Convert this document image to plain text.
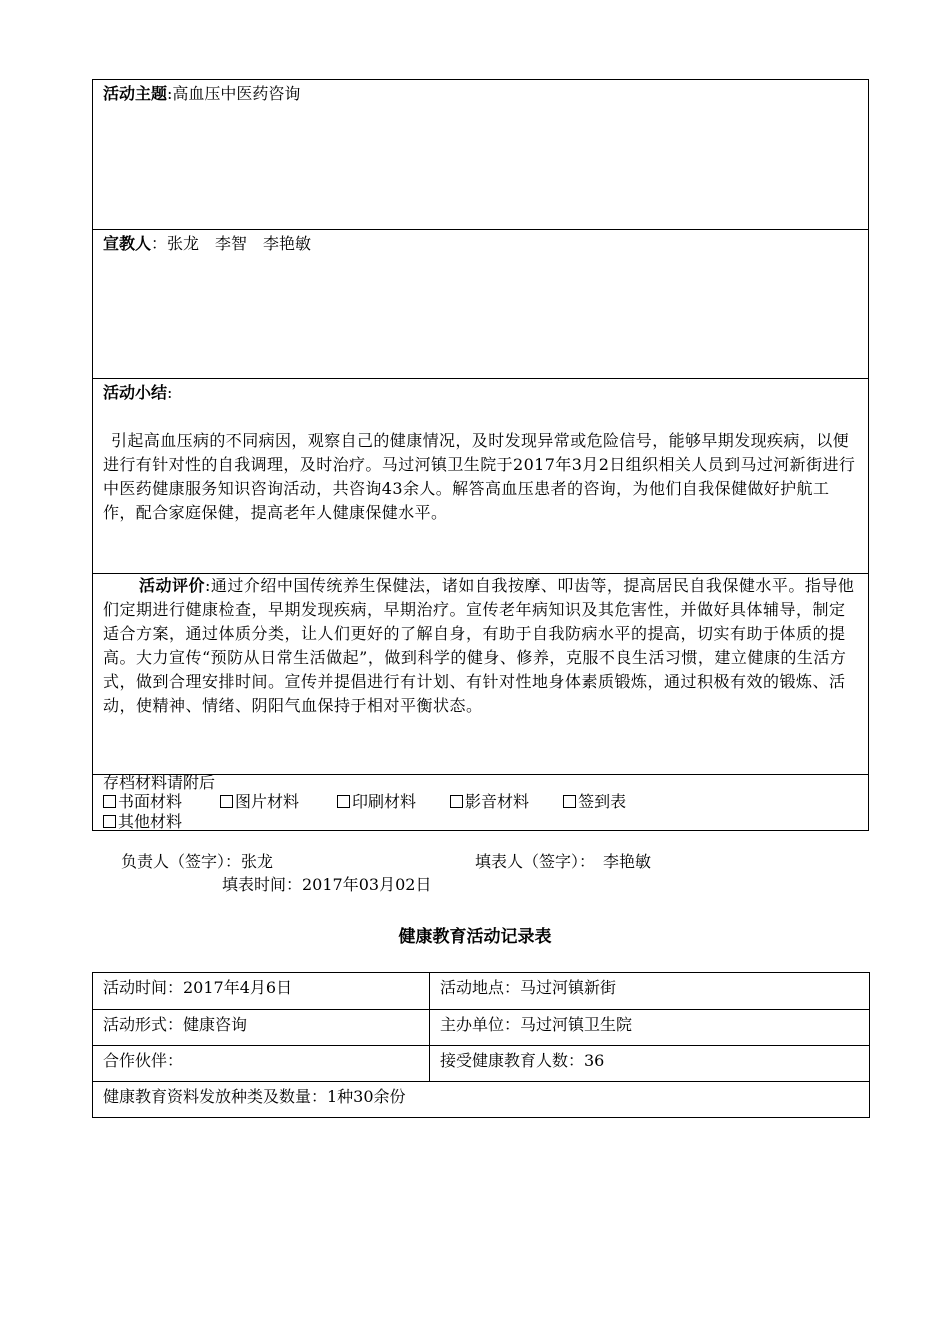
活动主题:高血压中医药咨询
宣教人：张龙　李智　李艳敏
活动小结:
引起高血压病的不同病因，观察自己的健康情况，及时发现异常或危险信号，能够早期发现疾病，以便进行有针对性的自我调理，及时治疗。马过河镇卫生院于2017年3月2日组织相关人员到马过河新街进行中医药健康服务知识咨询活动，共咨询43余人。解答高血压患者的咨询，为他们自我保健做好护航工作，配合家庭保健，提高老年人健康保健水平。
活动评价:通过介绍中国传统养生保健法，诸如自我按摩、叩齿等，提高居民自我保健水平。指导他们定期进行健康检查，早期发现疾病，早期治疗。宣传老年病知识及其危害性，并做好具体辅导，制定适合方案，通过体质分类，让人们更好的了解自身，有助于自我防病水平的提高，切实有助于体质的提高。大力宣传“预防从日常生活做起”，做到科学的健身、修养，克服不良生活习惯，建立健康的生活方式，做到合理安排时间。宣传并提倡进行有计划、有针对性地身体素质锻炼，通过积极有效的锻炼、活动，使精神、情绪、阴阳气血保持于相对平衡状态。
存档材料请附后
书面材料	图片材料	印刷材料	影音材料	签到表
其他材料
负责人（签字）：张龙	填表人（签字）：　李艳敏
填表时间：2017年03月02日
健康教育活动记录表
活动时间：2017年4月6日	活动地点：马过河镇新街
活动形式：健康咨询	主办单位：马过河镇卫生院
合作伙伴：	接受健康教育人数：36
健康教育资料发放种类及数量：1种30余份
